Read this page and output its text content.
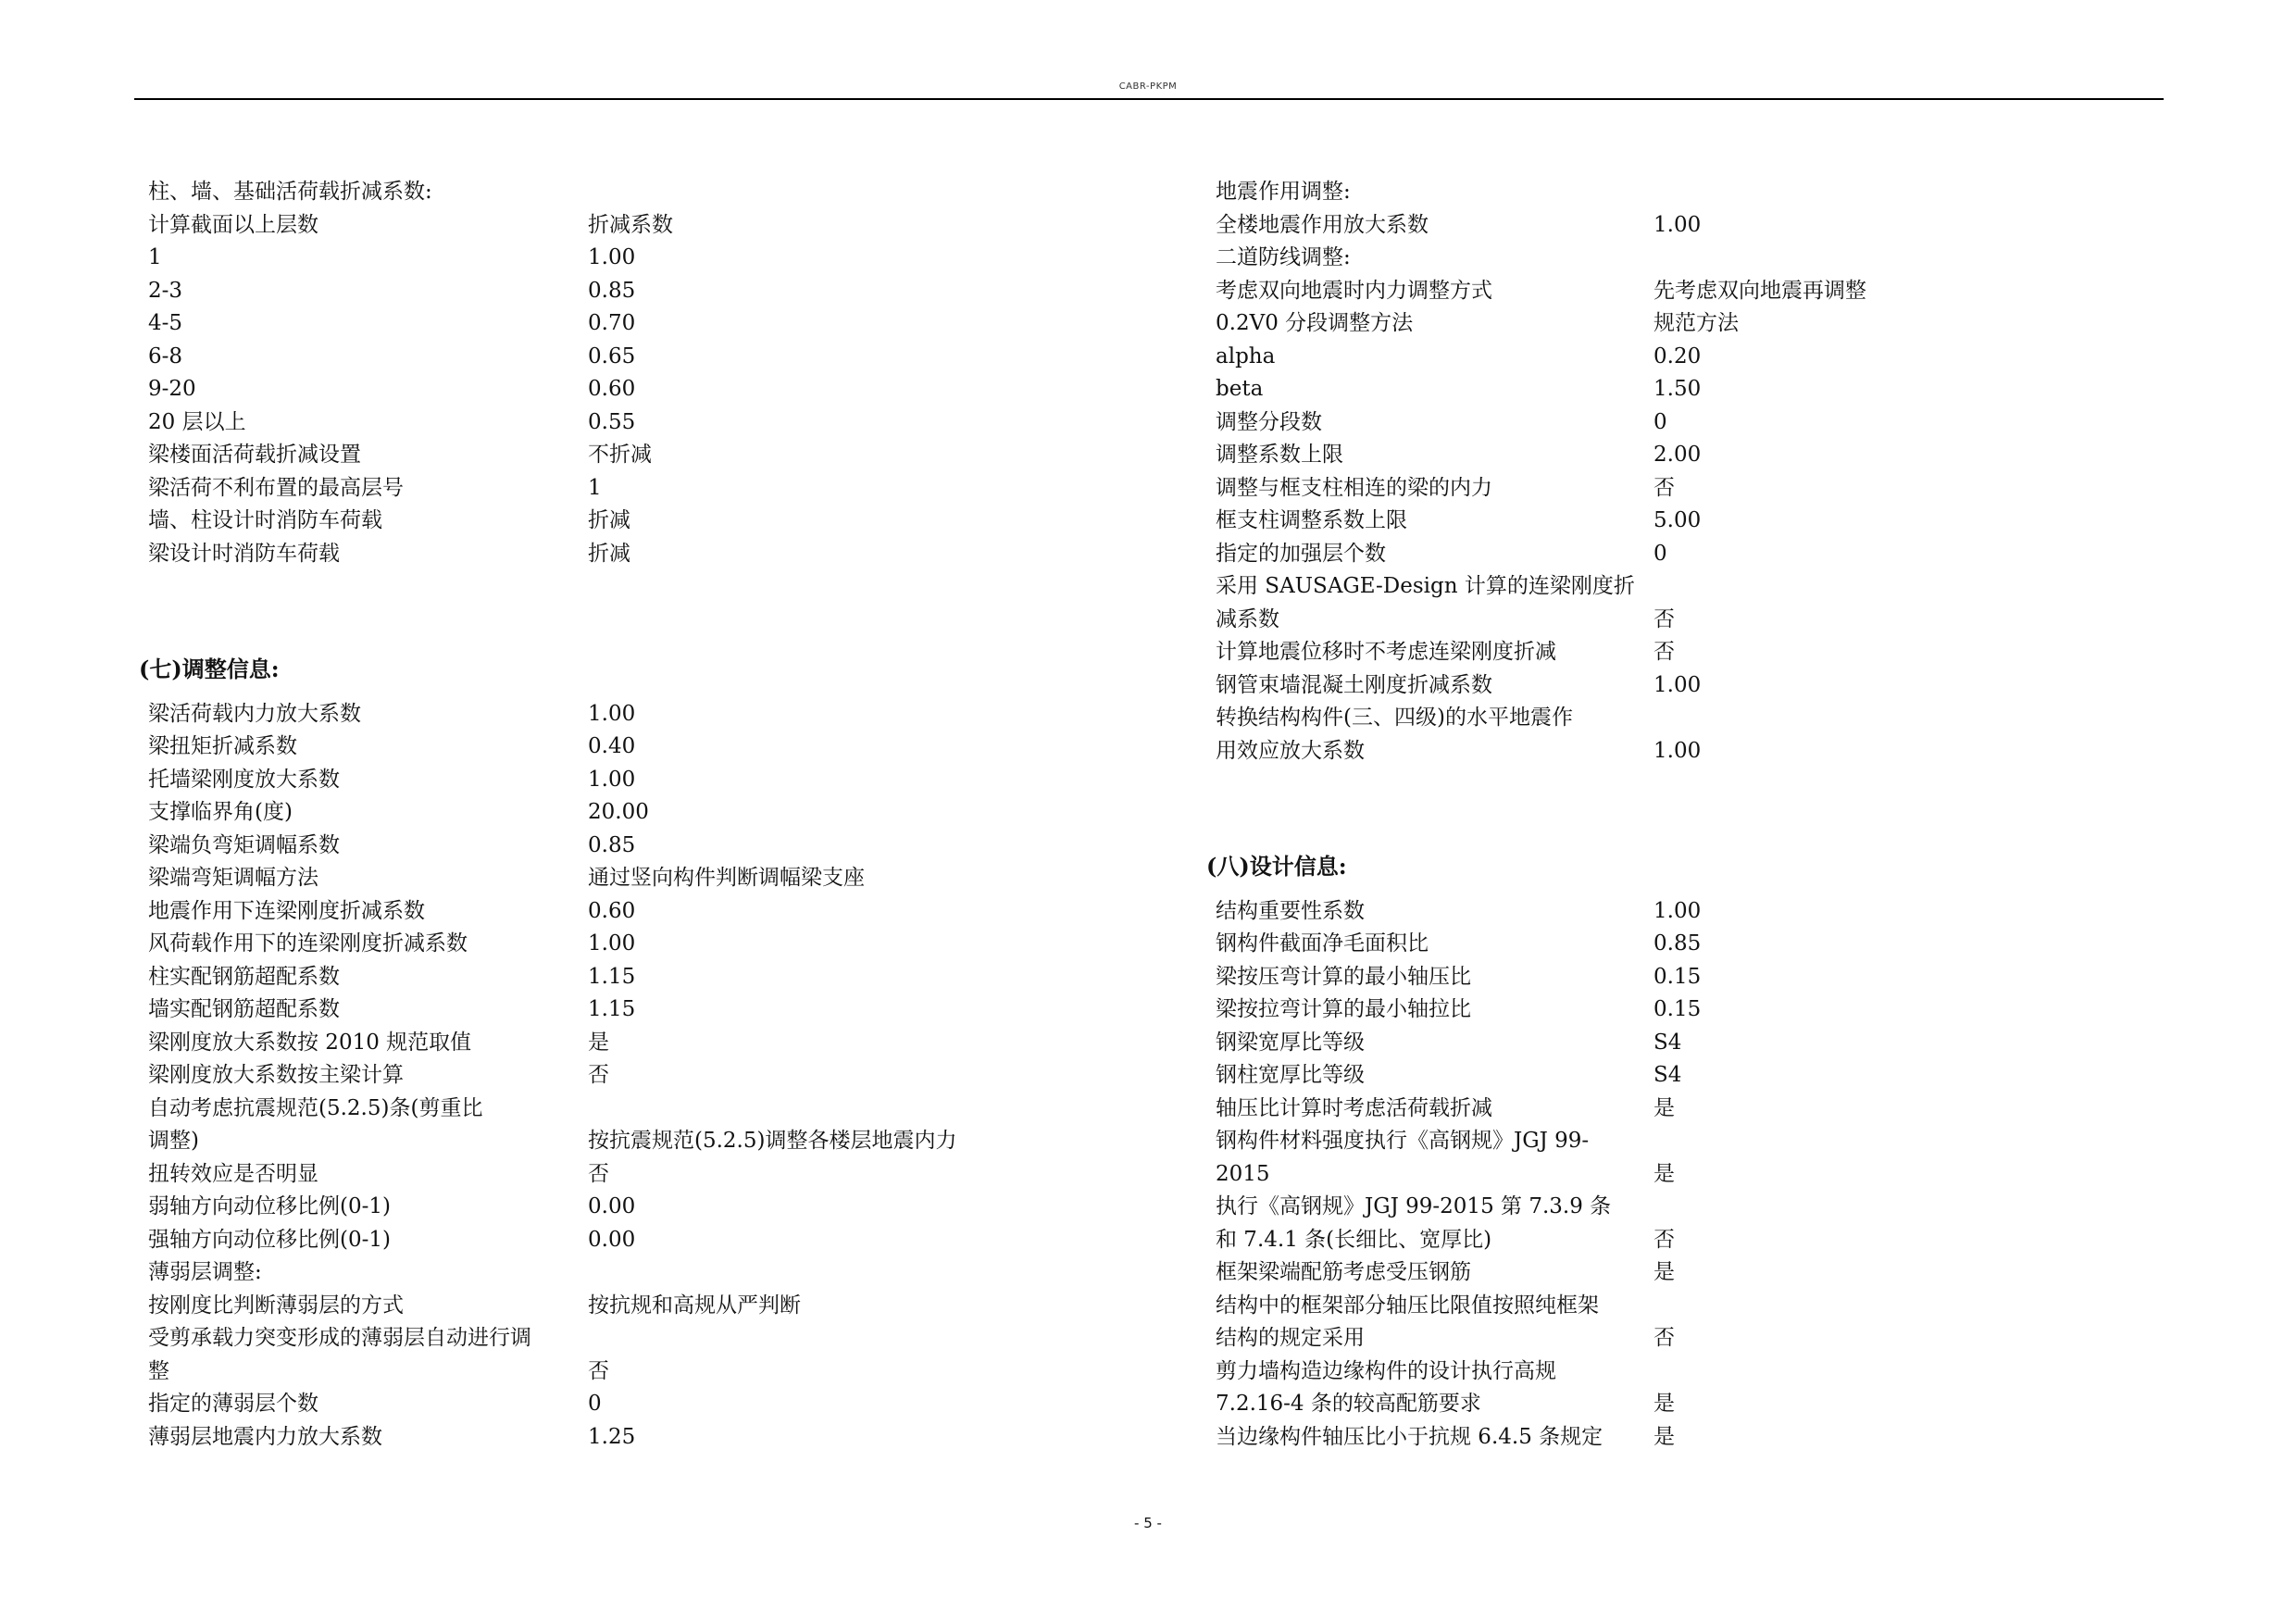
CABR-PKPM
柱、墙、基础活荷载折减系数:
计算截面以上层数	折减系数
1	1.00
2-3	0.85
4-5	0.70
6-8	0.65
9-20	0.60
20 层以上	0.55
梁楼面活荷载折减设置	不折减
梁活荷不利布置的最高层号	1
墙、柱设计时消防车荷载	折减
梁设计时消防车荷载	折减
(七)调整信息:
梁活荷载内力放大系数	1.00
梁扭矩折减系数	0.40
托墙梁刚度放大系数	1.00
支撑临界角(度)	20.00
梁端负弯矩调幅系数	0.85
梁端弯矩调幅方法	通过竖向构件判断调幅梁支座
地震作用下连梁刚度折减系数	0.60
风荷载作用下的连梁刚度折减系数	1.00
柱实配钢筋超配系数	1.15
墙实配钢筋超配系数	1.15
梁刚度放大系数按 2010 规范取值	是
梁刚度放大系数按主梁计算	否
自动考虑抗震规范(5.2.5)条(剪重比
调整)	按抗震规范(5.2.5)调整各楼层地震内力
扭转效应是否明显	否
弱轴方向动位移比例(0-1)	0.00
强轴方向动位移比例(0-1)	0.00
薄弱层调整:
按刚度比判断薄弱层的方式	按抗规和高规从严判断
受剪承载力突变形成的薄弱层自动进行调
整	否
指定的薄弱层个数	0
薄弱层地震内力放大系数	1.25
地震作用调整:
全楼地震作用放大系数	1.00
二道防线调整:
考虑双向地震时内力调整方式	先考虑双向地震再调整
0.2V0 分段调整方法	规范方法
alpha	0.20
beta	1.50
调整分段数	0
调整系数上限	2.00
调整与框支柱相连的梁的内力	否
框支柱调整系数上限	5.00
指定的加强层个数	0
采用 SAUSAGE-Design 计算的连梁刚度折
减系数	否
计算地震位移时不考虑连梁刚度折减	否
钢管束墙混凝土刚度折减系数	1.00
转换结构构件(三、四级)的水平地震作
用效应放大系数	1.00
(八)设计信息:
结构重要性系数	1.00
钢构件截面净毛面积比	0.85
梁按压弯计算的最小轴压比	0.15
梁按拉弯计算的最小轴拉比	0.15
钢梁宽厚比等级	S4
钢柱宽厚比等级	S4
轴压比计算时考虑活荷载折减	是
钢构件材料强度执行《高钢规》JGJ 99-
2015	是
执行《高钢规》JGJ 99-2015 第 7.3.9 条
和 7.4.1 条(长细比、宽厚比)	否
框架梁端配筋考虑受压钢筋	是
结构中的框架部分轴压比限值按照纯框架
结构的规定采用	否
剪力墙构造边缘构件的设计执行高规
7.2.16-4 条的较高配筋要求	是
当边缘构件轴压比小于抗规 6.4.5 条规定 是
- 5 -
